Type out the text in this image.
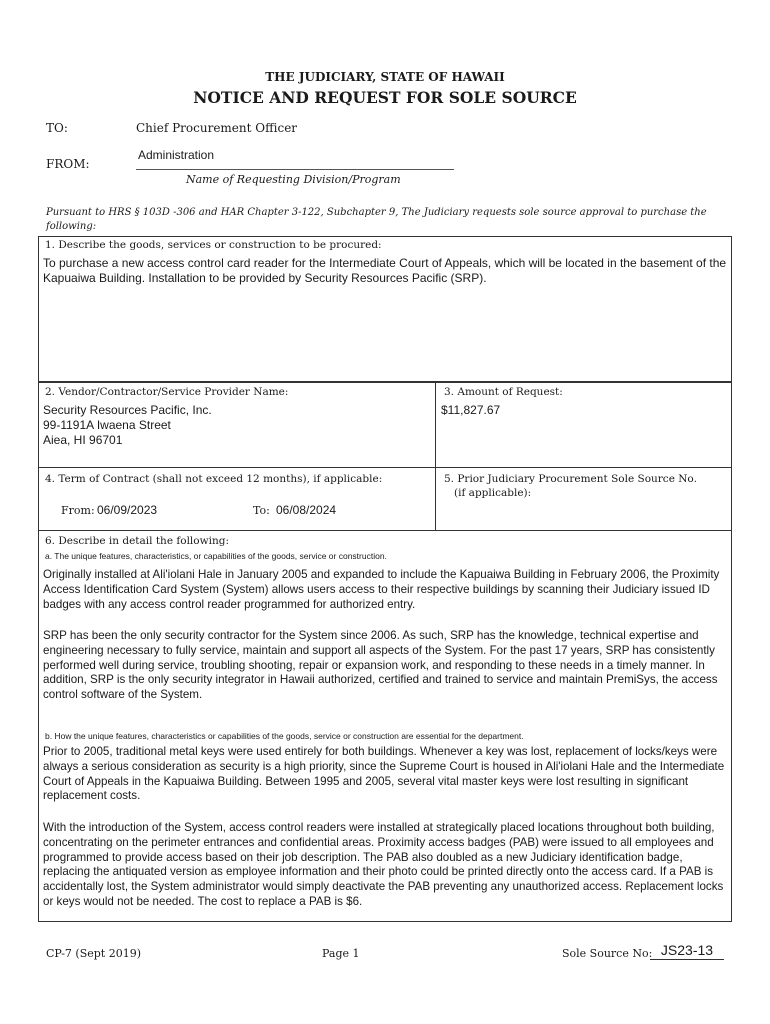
THE JUDICIARY, STATE OF HAWAII
NOTICE AND REQUEST FOR SOLE SOURCE
TO:	Chief Procurement Officer
FROM:
Administration
Name of Requesting Division/Program
Pursuant to HRS § 103D -306 and HAR Chapter 3-122, Subchapter 9, The Judiciary requests sole source approval to purchase the following:
1. Describe the goods, services or construction to be procured:
To purchase a new access control card reader for the Intermediate Court of Appeals, which will be located in the basement of the Kapuaiwa Building. Installation to be provided by Security Resources Pacific (SRP).
2. Vendor/Contractor/Service Provider Name:
Security Resources Pacific, Inc.
99-1191A Iwaena Street
Aiea, HI 96701
3. Amount of Request:
$11,827.67
4. Term of Contract (shall not exceed 12 months), if applicable:
From: 06/09/2023	To: 06/08/2024
5. Prior Judiciary Procurement Sole Source No.
(if applicable):
6. Describe in detail the following:
a. The unique features, characteristics, or capabilities of the goods, service or construction.
Originally installed at Ali'iolani Hale in January 2005 and expanded to include the Kapuaiwa Building in February 2006, the Proximity Access Identification Card System (System) allows users access to their respective buildings by scanning their Judiciary issued ID badges with any access control reader programmed for authorized entry.
SRP has been the only security contractor for the System since 2006. As such, SRP has the knowledge, technical expertise and engineering necessary to fully service, maintain and support all aspects of the System. For the past 17 years, SRP has consistently performed well during service, troubling shooting, repair or expansion work, and responding to these needs in a timely manner. In addition, SRP is the only security integrator in Hawaii authorized, certified and trained to service and maintain PremiSys, the access control software of the System.
b. How the unique features, characteristics or capabilities of the goods, service or construction are essential for the department.
Prior to 2005, traditional metal keys were used entirely for both buildings. Whenever a key was lost, replacement of locks/keys were always a serious consideration as security is a high priority, since the Supreme Court is housed in Ali'iolani Hale and the Intermediate Court of Appeals in the Kapuaiwa Building. Between 1995 and 2005, several vital master keys were lost resulting in significant replacement costs.
With the introduction of the System, access control readers were installed at strategically placed locations throughout both building, concentrating on the perimeter entrances and confidential areas. Proximity access badges (PAB) were issued to all employees and programmed to provide access based on their job description. The PAB also doubled as a new Judiciary identification badge, replacing the antiquated version as employee information and their photo could be printed directly onto the access card. If a PAB is accidentally lost, the System administrator would simply deactivate the PAB preventing any unauthorized access. Replacement locks or keys would not be needed. The cost to replace a PAB is $6.
CP-7 (Sept 2019)	Page 1	Sole Source No: JS23-13
